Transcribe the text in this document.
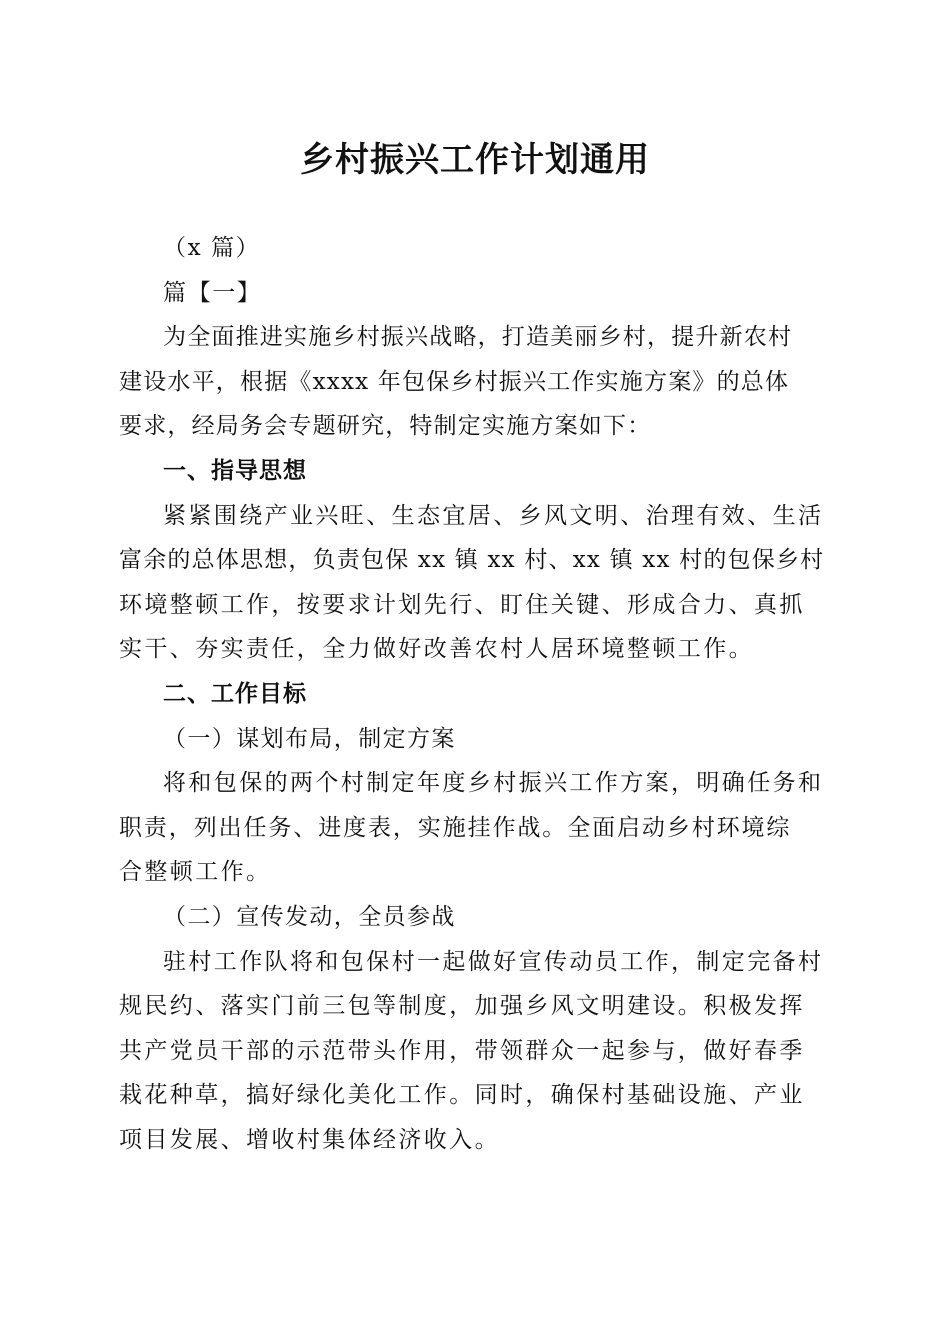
乡村振兴工作计划通用
（x 篇）
篇【一】
为全面推进实施乡村振兴战略，打造美丽乡村，提升新农村
建设水平，根据《xxxx 年包保乡村振兴工作实施方案》的总体
要求，经局务会专题研究，特制定实施方案如下：
一、指导思想
紧紧围绕产业兴旺、生态宜居、乡风文明、治理有效、生活
富余的总体思想，负责包保 xx 镇 xx 村、xx 镇 xx 村的包保乡村
环境整顿工作，按要求计划先行、盯住关键、形成合力、真抓
实干、夯实责任，全力做好改善农村人居环境整顿工作。
二、工作目标
（一）谋划布局，制定方案
将和包保的两个村制定年度乡村振兴工作方案，明确任务和
职责，列出任务、进度表，实施挂作战。全面启动乡村环境综
合整顿工作。
（二）宣传发动，全员参战
驻村工作队将和包保村一起做好宣传动员工作，制定完备村
规民约、落实门前三包等制度，加强乡风文明建设。积极发挥
共产党员干部的示范带头作用，带领群众一起参与，做好春季
栽花种草，搞好绿化美化工作。同时，确保村基础设施、产业
项目发展、增收村集体经济收入。
